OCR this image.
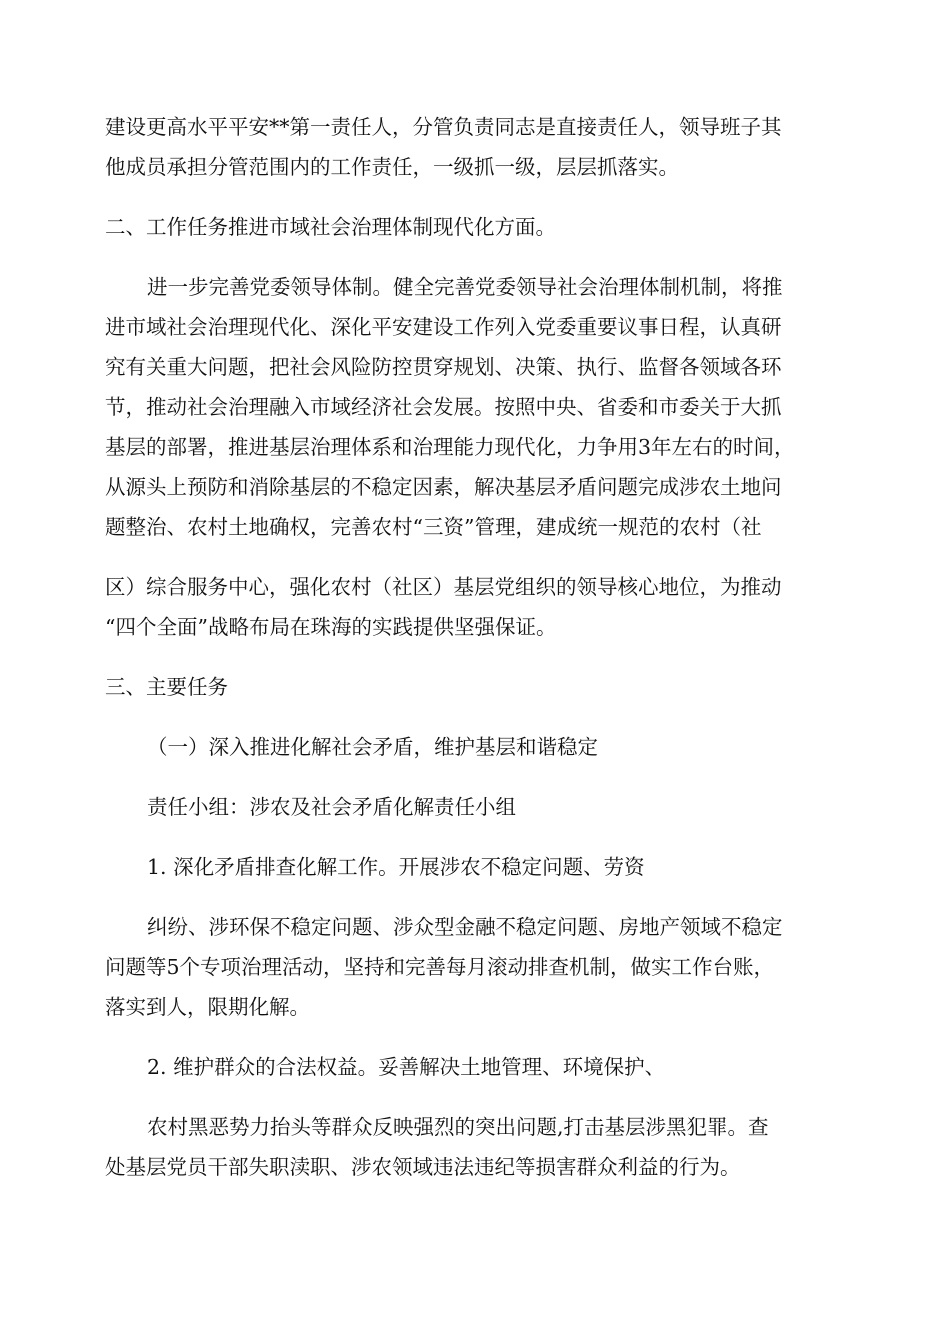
建设更高水平平安**第一责任人，分管负责同志是直接责任人，领导班子其
他成员承担分管范围内的工作责任，一级抓一级，层层抓落实。
二、工作任务推进市域社会治理体制现代化方面。
进一步完善党委领导体制。健全完善党委领导社会治理体制机制，将推
进市域社会治理现代化、深化平安建设工作列入党委重要议事日程，认真研
究有关重大问题，把社会风险防控贯穿规划、决策、执行、监督各领域各环
节，推动社会治理融入市域经济社会发展。按照中央、省委和市委关于大抓
基层的部署，推进基层治理体系和治理能力现代化，力争用3年左右的时间，
从源头上预防和消除基层的不稳定因素，解决基层矛盾问题完成涉农土地问
题整治、农村土地确权，完善农村“三资”管理，建成统一规范的农村（社
区）综合服务中心，强化农村（社区）基层党组织的领导核心地位，为推动
“四个全面”战略布局在珠海的实践提供坚强保证。
三、主要任务
（一）深入推进化解社会矛盾，维护基层和谐稳定
责任小组：涉农及社会矛盾化解责任小组
1. 深化矛盾排查化解工作。开展涉农不稳定问题、劳资
纠纷、涉环保不稳定问题、涉众型金融不稳定问题、房地产领域不稳定
问题等5个专项治理活动，坚持和完善每月滚动排查机制，做实工作台账，
落实到人，限期化解。
2. 维护群众的合法权益。妥善解决土地管理、环境保护、
农村黑恶势力抬头等群众反映强烈的突出问题,打击基层涉黑犯罪。查
处基层党员干部失职渎职、涉农领域违法违纪等损害群众利益的行为。
